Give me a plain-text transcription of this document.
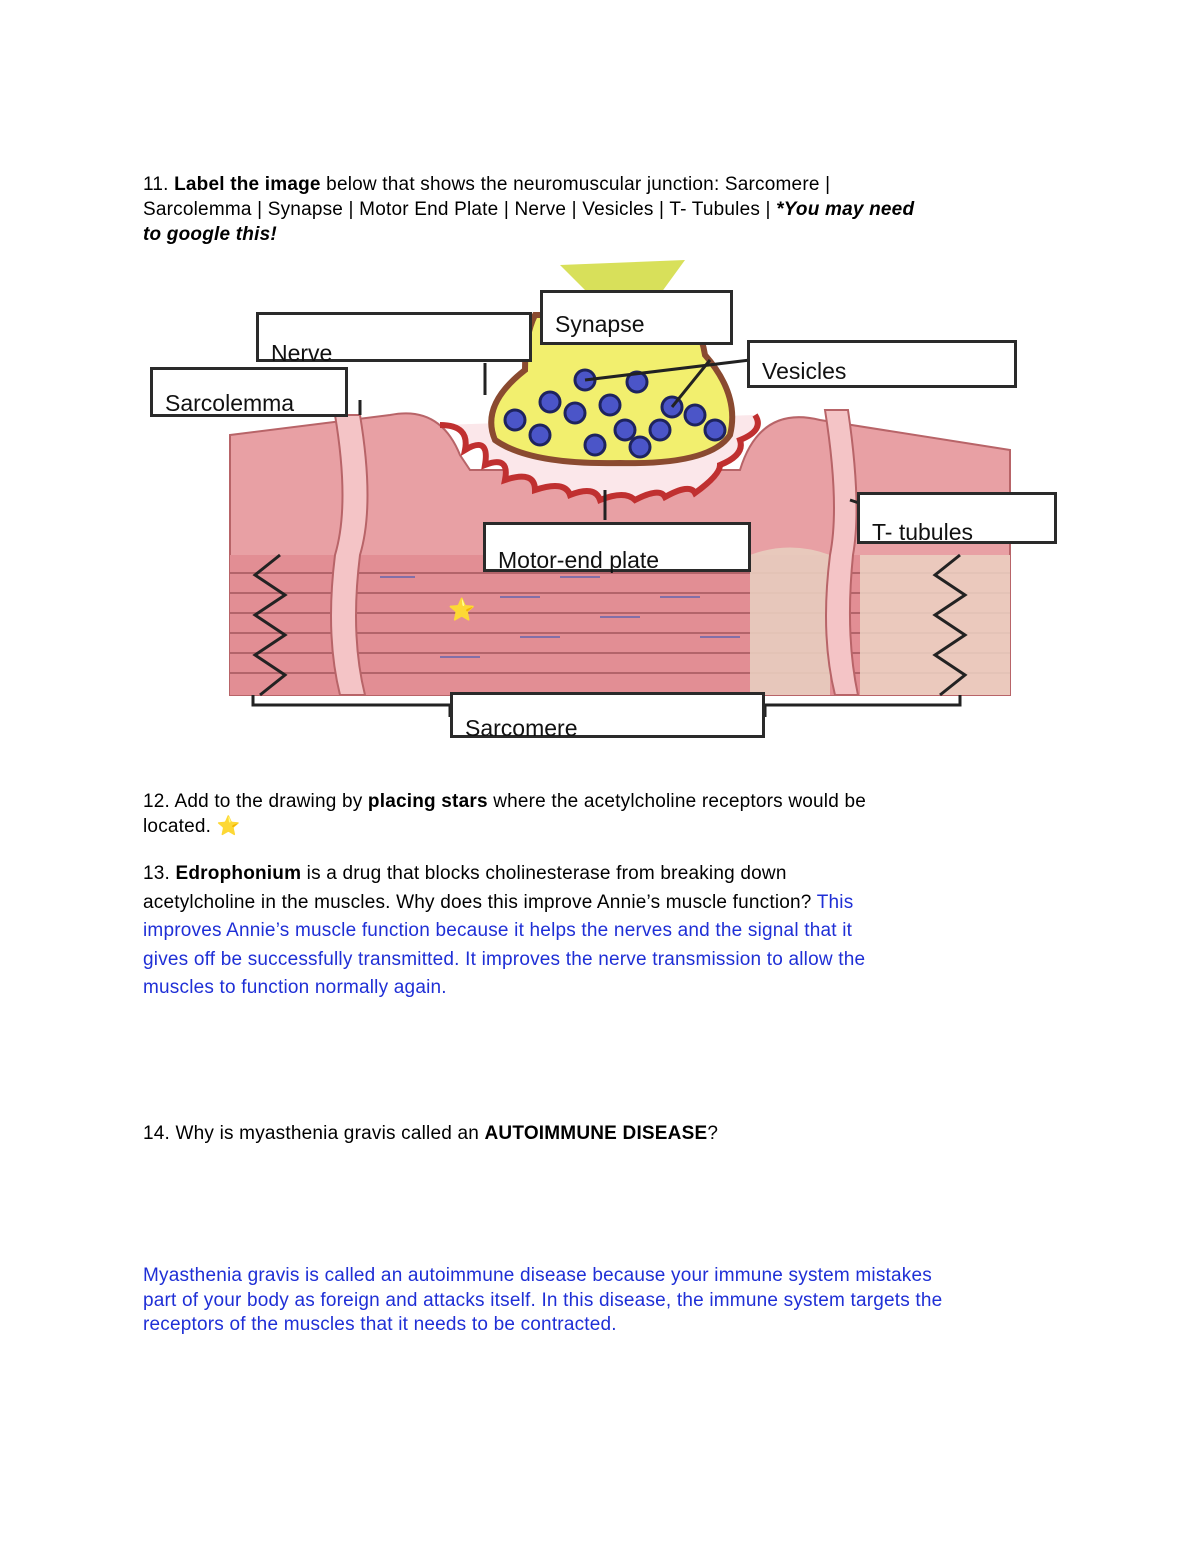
11. Label the image below that shows the neuromuscular junction: Sarcomere |
Sarcolemma | Synapse | Motor End Plate | Nerve | Vesicles | T- Tubules | *You may need
to google this!
⭐
Synapse
Nerve
Vesicles
Sarcolemma
T- tubules
Motor-end plate
Sarcomere
12. Add to the drawing by placing stars where the acetylcholine receptors would be
located. ⭐
13. Edrophonium is a drug that blocks cholinesterase from breaking down
acetylcholine in the muscles. Why does this improve Annie’s muscle function? This
improves Annie’s muscle function because it helps the nerves and the signal that it
gives off be successfully transmitted. It improves the nerve transmission to allow the
muscles to function normally again.
14. Why is myasthenia gravis called an AUTOIMMUNE DISEASE?
Myasthenia gravis is called an autoimmune disease because your immune system mistakes
part of your body as foreign and attacks itself. In this disease, the immune system targets the
receptors of the muscles that it needs to be contracted.
